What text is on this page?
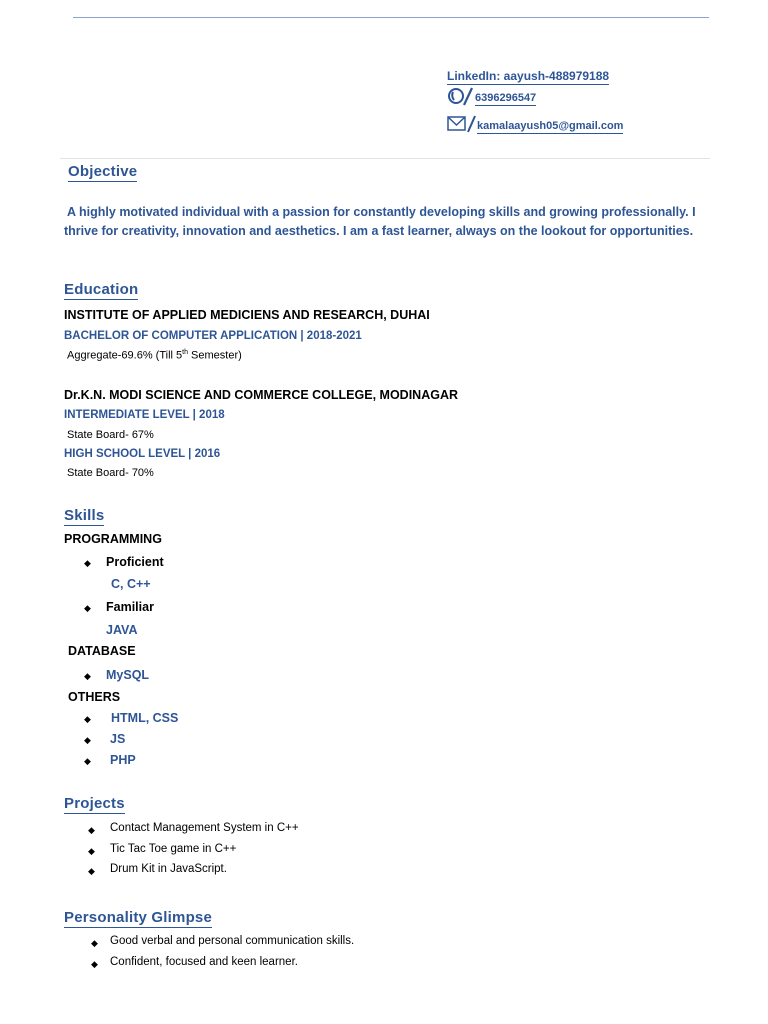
LinkedIn: aayush-488979188
6396296547
kamalaayush05@gmail.com
Objective
A highly motivated individual with a passion for constantly developing skills and growing professionally. I thrive for creativity, innovation and aesthetics. I am a fast learner, always on the lookout for opportunities.
Education
INSTITUTE OF APPLIED MEDICIENS AND RESEARCH, DUHAI
BACHELOR OF COMPUTER APPLICATION | 2018-2021
Aggregate-69.6% (Till 5th Semester)
Dr.K.N. MODI SCIENCE AND COMMERCE COLLEGE, MODINAGAR
INTERMEDIATE LEVEL | 2018
State Board- 67%
HIGH SCHOOL LEVEL | 2016
State Board- 70%
Skills
PROGRAMMING
◆ Proficient
C, C++
◆ Familiar
JAVA
DATABASE
◆ MySQL
OTHERS
◆ HTML, CSS
◆ JS
◆ PHP
Projects
◆ Contact Management System in C++
◆ Tic Tac Toe game in C++
◆ Drum Kit in JavaScript.
Personality Glimpse
◆ Good verbal and personal communication skills.
◆ Confident, focused and keen learner.
